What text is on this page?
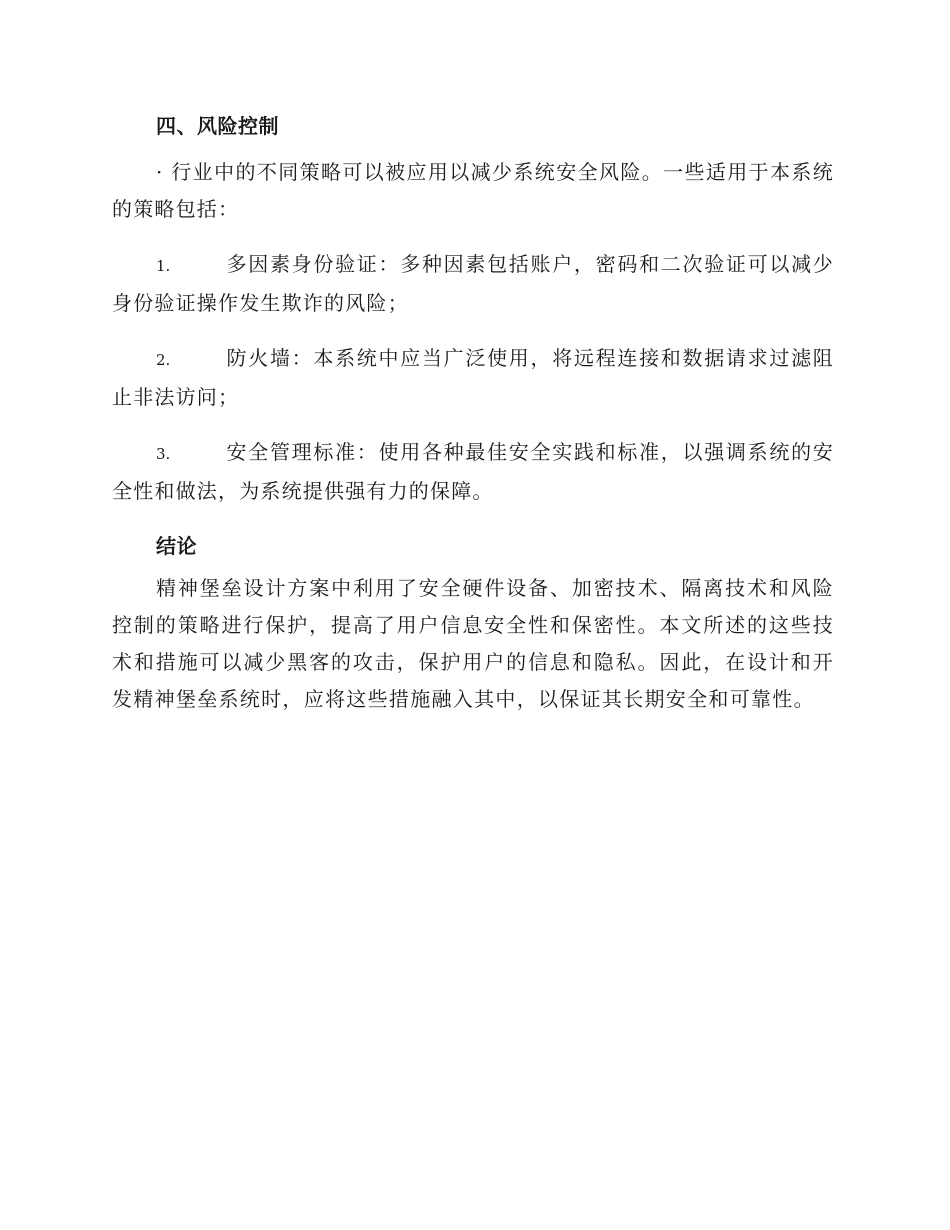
四、风险控制

· 行业中的不同策略可以被应用以减少系统安全风险。一些适用于本系统的策略包括：

1.	多因素身份验证：多种因素包括账户，密码和二次验证可以减少身份验证操作发生欺诈的风险；

2.	防火墙：本系统中应当广泛使用，将远程连接和数据请求过滤阻止非法访问；

3.	安全管理标准：使用各种最佳安全实践和标准，以强调系统的安全性和做法，为系统提供强有力的保障。

结论

精神堡垒设计方案中利用了安全硬件设备、加密技术、隔离技术和风险控制的策略进行保护，提高了用户信息安全性和保密性。本文所述的这些技术和措施可以减少黑客的攻击，保护用户的信息和隐私。因此，在设计和开发精神堡垒系统时，应将这些措施融入其中，以保证其长期安全和可靠性。
